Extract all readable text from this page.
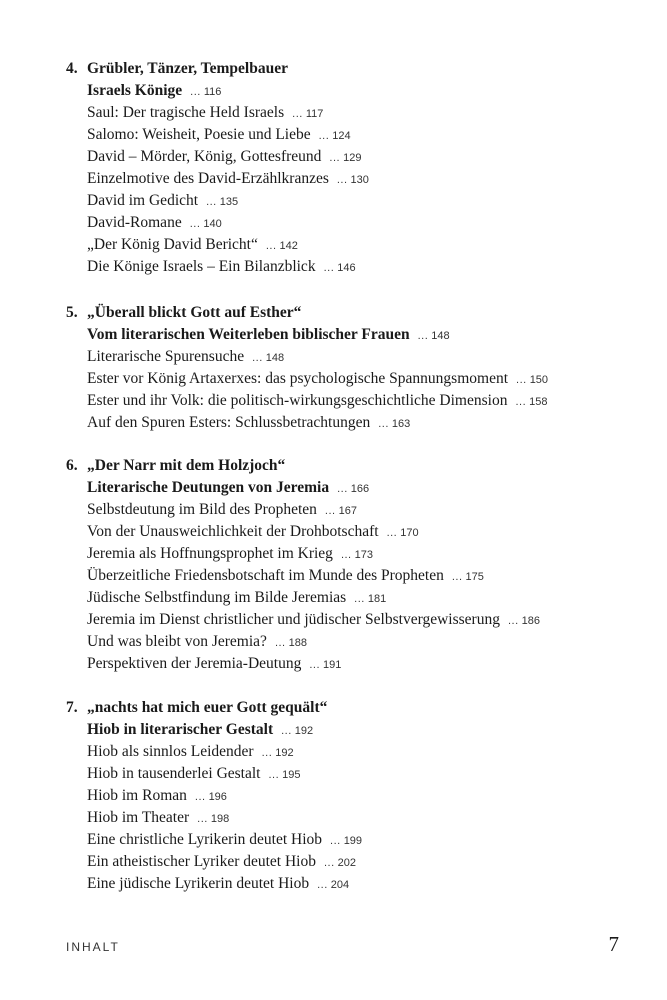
4. Grübler, Tänzer, Tempelbauer
Israels Könige ... 116
Saul: Der tragische Held Israels ... 117
Salomo: Weisheit, Poesie und Liebe ... 124
David – Mörder, König, Gottesfreund ... 129
Einzelmotive des David-Erzählkranzes ... 130
David im Gedicht ... 135
David-Romane ... 140
„Der König David Bericht“ ... 142
Die Könige Israels – Ein Bilanzblick ... 146
5. „Überall blickt Gott auf Esther“
Vom literarischen Weiterleben biblischer Frauen ... 148
Literarische Spurensuche ... 148
Ester vor König Artaxerxes: das psychologische Spannungsmoment ... 150
Ester und ihr Volk: die politisch-wirkungsgeschichtliche Dimension ... 158
Auf den Spuren Esters: Schlussbetrachtungen ... 163
6. „Der Narr mit dem Holzjoch“
Literarische Deutungen von Jeremia ... 166
Selbstdeutung im Bild des Propheten ... 167
Von der Unausweichlichkeit der Drohbotschaft ... 170
Jeremia als Hoffnungsprophet im Krieg ... 173
Überzeitliche Friedensbotschaft im Munde des Propheten ... 175
Jüdische Selbstfindung im Bilde Jeremias ... 181
Jeremia im Dienst christlicher und jüdischer Selbstvergewisserung ... 186
Und was bleibt von Jeremia? ... 188
Perspektiven der Jeremia-Deutung ... 191
7. „nachts hat mich euer Gott gequält“
Hiob in literarischer Gestalt ... 192
Hiob als sinnlos Leidender ... 192
Hiob in tausenderlei Gestalt ... 195
Hiob im Roman ... 196
Hiob im Theater ... 198
Eine christliche Lyrikerin deutet Hiob ... 199
Ein atheistischer Lyriker deutet Hiob ... 202
Eine jüdische Lyrikerin deutet Hiob ... 204
INHALT	7
